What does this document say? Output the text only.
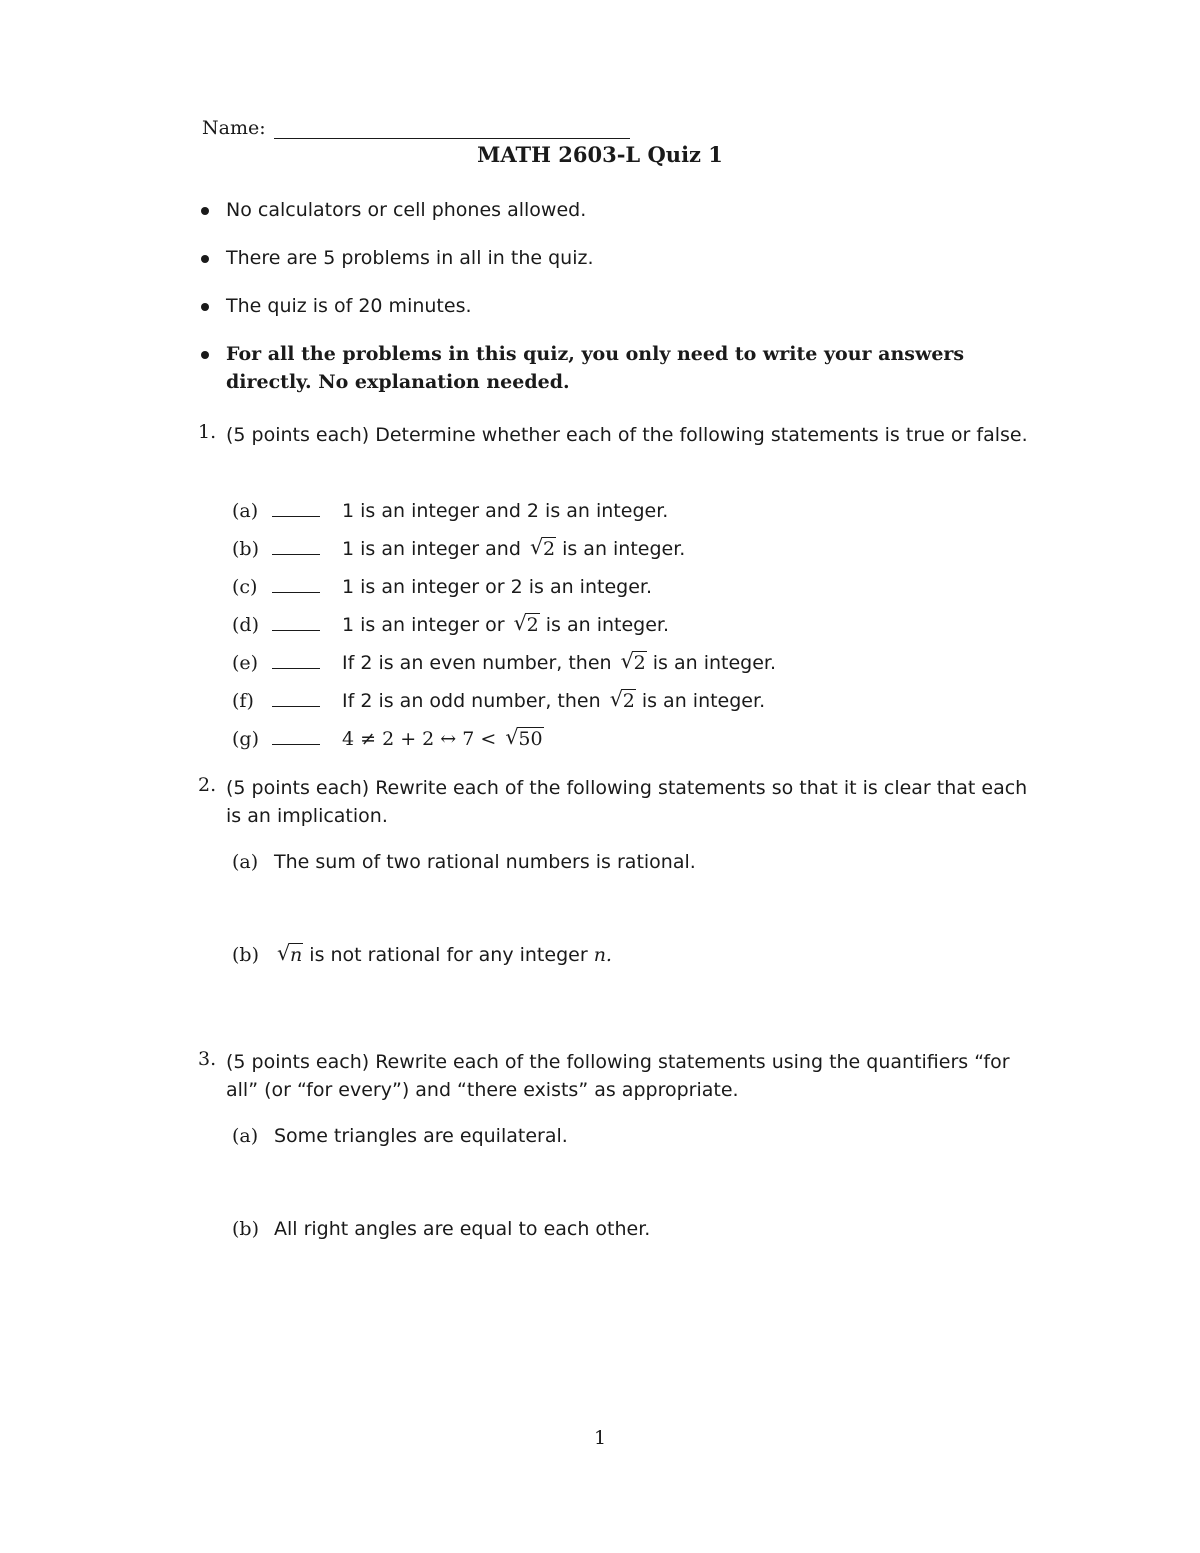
Name:
MATH 2603-L Quiz 1
No calculators or cell phones allowed.
There are 5 problems in all in the quiz.
The quiz is of 20 minutes.
For all the problems in this quiz, you only need to write your answers directly. No explanation needed.
1. (5 points each) Determine whether each of the following statements is true or false.
(a)	1 is an integer and 2 is an integer.
(b)	1 is an integer and √ 2 is an integer.
(c)	1 is an integer or 2 is an integer.
(d)	1 is an integer or √ 2 is an integer.
(e)	If 2 is an even number, then √ 2 is an integer.
(f)	If 2 is an odd number, then √ 2 is an integer.
(g)	4 ≠ 2 + 2 ↔ 7 < √ 50
2. (5 points each) Rewrite each of the following statements so that it is clear that each is an implication.
(a) The sum of two rational numbers is rational.
(b) √ n is not rational for any integer n.
3. (5 points each) Rewrite each of the following statements using the quantifiers “for all” (or “for every”) and “there exists” as appropriate.
(a) Some triangles are equilateral.
(b) All right angles are equal to each other.
1
